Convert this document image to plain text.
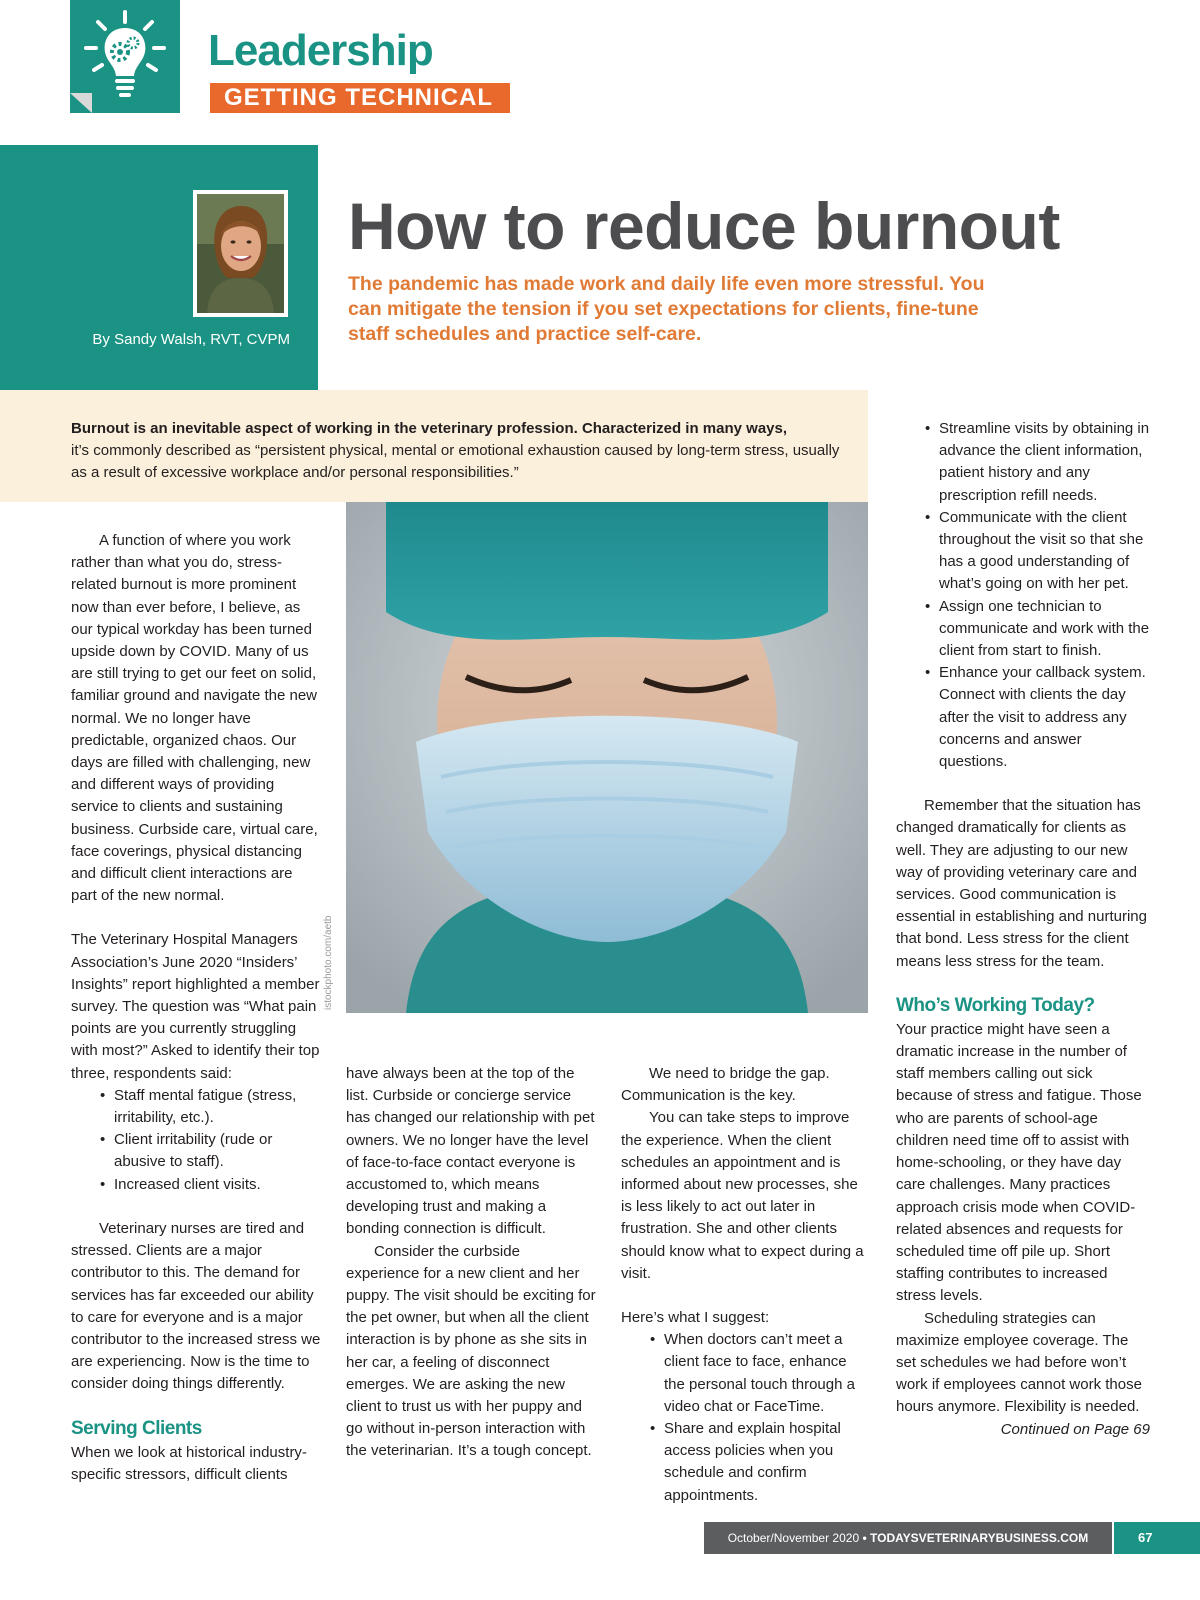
Leadership
GETTING TECHNICAL
By Sandy Walsh, RVT, CVPM
How to reduce burnout
The pandemic has made work and daily life even more stressful. You can mitigate the tension if you set expectations for clients, fine-tune staff schedules and practice self-care.
Burnout is an inevitable aspect of working in the veterinary profession. Characterized in many ways,
it’s commonly described as “persistent physical, mental or emotional exhaustion caused by long-term stress, usually as a result of excessive workplace and/or personal responsibilities.”
istockphoto.com/aetb

A function of where you work rather than what you do, stress-related burnout is more prominent now than ever before, I believe, as our typical workday has been turned upside down by COVID. Many of us are still trying to get our feet on solid, familiar ground and navigate the new normal. We no longer have predictable, organized chaos. Our days are filled with challenging, new and different ways of providing service to clients and sustaining business. Curbside care, virtual care, face coverings, physical distancing and difficult client interactions are part of the new normal.

The Veterinary Hospital Managers Association’s June 2020 “Insiders’ Insights” report highlighted a member survey. The question was “What pain points are you currently struggling with most?” Asked to identify their top three, respondents said:

• Staff mental fatigue (stress, irritability, etc.).
• Client irritability (rude or abusive to staff).
• Increased client visits.

Veterinary nurses are tired and stressed. Clients are a major contributor to this. The demand for services has far exceeded our ability to care for everyone and is a major contributor to the increased stress we are experiencing. Now is the time to consider doing things differently.

Serving Clients

When we look at historical industry-specific stressors, difficult clients

have always been at the top of the list. Curbside or concierge service has changed our relationship with pet owners. We no longer have the level of face-to-face contact everyone is accustomed to, which means developing trust and making a bonding connection is difficult.

Consider the curbside experience for a new client and her puppy. The visit should be exciting for the pet owner, but when all the client interaction is by phone as she sits in her car, a feeling of disconnect emerges. We are asking the new client to trust us with her puppy and go without in-person interaction with the veterinarian. It’s a tough concept.

We need to bridge the gap. Communication is the key.

You can take steps to improve the experience. When the client schedules an appointment and is informed about new processes, she is less likely to act out later in frustration. She and other clients should know what to expect during a visit.

Here’s what I suggest:

• When doctors can’t meet a client face to face, enhance the personal touch through a video chat or FaceTime.
• Share and explain hospital access policies when you schedule and confirm appointments.
• Streamline visits by obtaining in advance the client information, patient history and any prescription refill needs.
• Communicate with the client throughout the visit so that she has a good understanding of what’s going on with her pet.
• Assign one technician to communicate and work with the client from start to finish.
• Enhance your callback system. Connect with clients the day after the visit to address any concerns and answer questions.

Remember that the situation has changed dramatically for clients as well. They are adjusting to our new way of providing veterinary care and services. Good communication is essential in establishing and nurturing that bond. Less stress for the client means less stress for the team.

Who’s Working Today?

Your practice might have seen a dramatic increase in the number of staff members calling out sick because of stress and fatigue. Those who are parents of school-age children need time off to assist with home-schooling, or they have day care challenges. Many practices approach crisis mode when COVID-related absences and requests for scheduled time off pile up. Short staffing contributes to increased stress levels.

Scheduling strategies can maximize employee coverage. The set schedules we had before won’t work if employees cannot work those hours anymore. Flexibility is needed.

Continued on Page 69

October/November 2020 • TODAYSVETERINARYBUSINESS.COM	67
